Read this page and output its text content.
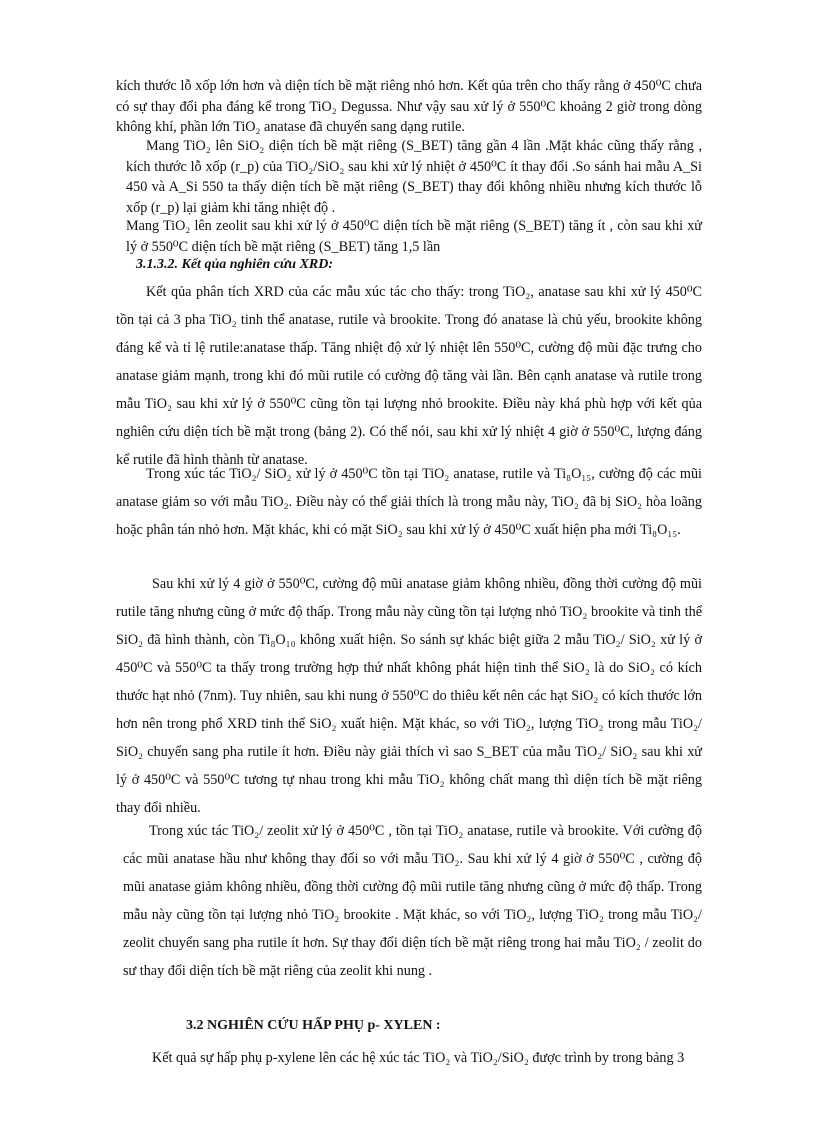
kích thước lỗ xốp lớn hơn và diện tích bề mặt riêng nhỏ hơn. Kết qủa trên cho thấy rằng ở 450⁰C chưa có sự thay đổi pha đáng kể trong TiO₂ Degussa. Như vậy sau xử lý ở 550⁰C khoảng 2 giờ trong dòng không khí, phần lớn TiO₂ anatase đã chuyển sang dạng rutile.

Mang TiO₂ lên SiO₂ diện tích bề mặt riêng (S_BET) tăng gần 4 lần .Mặt khác cũng thấy rằng , kích thước lỗ xốp (r_p) của TiO₂/SiO₂ sau khi xử lý nhiệt ở 450⁰C ít thay đổi .So sánh hai mẫu A_Si 450 và A_Si 550 ta thấy diện tích bề mặt riêng (S_BET) thay đổi không nhiều nhưng kích thước lỗ xốp (r_p) lại giảm khi tăng nhiệt độ .

Mang TiO₂ lên zeolit sau khi xử lý ở 450⁰C diện tích bề mặt riêng (S_BET) tăng ít , còn sau khi xử lý ở 550⁰C diện tích bề mặt riêng (S_BET) tăng 1,5 lần

3.1.3.2. Kết qủa nghiên cứu XRD:

Kết qủa phân tích XRD của các mẫu xúc tác cho thấy: trong TiO₂, anatase sau khi xử lý 450⁰C tồn tại cả 3 pha TiO₂ tinh thể anatase, rutile và brookite. Trong đó anatase là chủ yếu, brookite không đáng kể và tỉ lệ rutile:anatase thấp. Tăng nhiệt độ xử lý nhiệt lên 550⁰C, cường độ mũi đặc trưng cho anatase giảm mạnh, trong khi đó mũi rutile có cường độ tăng vài lần. Bên cạnh anatase và rutile trong mẫu TiO₂ sau khi xử lý ở 550⁰C cũng tồn tại lượng nhỏ brookite. Điều này khá phù hợp với kết qủa nghiên cứu diện tích bề mặt trong (bảng 2). Có thể nói, sau khi xử lý nhiệt 4 giờ ở 550⁰C, lượng đáng kể rutile đã hình thành từ anatase.

Trong xúc tác TiO₂/ SiO₂ xử lý ở 450⁰C tồn tại TiO₂ anatase, rutile và Ti₈O₁₅, cường độ các mũi anatase giảm so với mẫu TiO₂. Điều này có thể giải thích là trong mẫu này, TiO₂ đã bị SiO₂ hòa loãng hoặc phân tán nhỏ hơn. Mặt khác, khi có mặt SiO₂ sau khi xử lý ở 450⁰C xuất hiện pha mới Ti₈O₁₅.

Sau khi xử lý 4 giờ ở 550⁰C, cường độ mũi anatase giảm không nhiều, đồng thời cường độ mũi rutile tăng nhưng cũng ở mức độ thấp. Trong mẫu này cũng tồn tại lượng nhỏ TiO₂ brookite và tinh thể SiO₂ đã hình thành, còn Ti₈O₁₀ không xuất hiện. So sánh sự khác biệt giữa 2 mẫu TiO₂/ SiO₂ xử lý ở 450⁰C và 550⁰C ta thấy trong trường hợp thứ nhất không phát hiện tinh thể SiO₂ là do SiO₂ có kích thước hạt nhỏ (7nm). Tuy nhiên, sau khi nung ở 550⁰C do thiêu kết nên các hạt SiO₂ có kích thước lớn hơn nên trong phổ XRD tinh thể SiO₂ xuất hiện. Mặt khác, so với TiO₂, lượng TiO₂ trong mẫu TiO₂/ SiO₂ chuyển sang pha rutile ít hơn. Điều này giải thích vì sao S_BET của mẫu TiO₂/ SiO₂ sau khi xử lý ở 450⁰C và 550⁰C tương tự nhau trong khi mẫu TiO₂ không chất mang thì diện tích bề mặt riêng thay đổi nhiều.

Trong xúc tác TiO₂/ zeolit xử lý ở 450⁰C , tồn tại TiO₂ anatase, rutile và brookite. Với cường độ các mũi anatase hầu như không thay đổi so với mẫu TiO₂. Sau khi xử lý 4 giờ ở 550⁰C , cường độ mũi anatase giảm không nhiều, đồng thời cường độ mũi rutile tăng nhưng cũng ở mức độ thấp. Trong mẫu này cũng tồn tại lượng nhỏ TiO₂ brookite . Mặt khác, so với TiO₂, lượng TiO₂ trong mẫu TiO₂/ zeolit chuyển sang pha rutile ít hơn. Sự thay đổi diện tích bề mặt riêng trong hai mẫu TiO₂ / zeolit do sư thay đổi diện tích bề mặt riêng của zeolit khi nung .

3.2 NGHIÊN CỨU HẤP PHỤ p- XYLEN :

Kết quả sự hấp phụ p-xylene lên các hệ xúc tác TiO₂ và TiO₂/SiO₂ được trình by trong bảng 3
